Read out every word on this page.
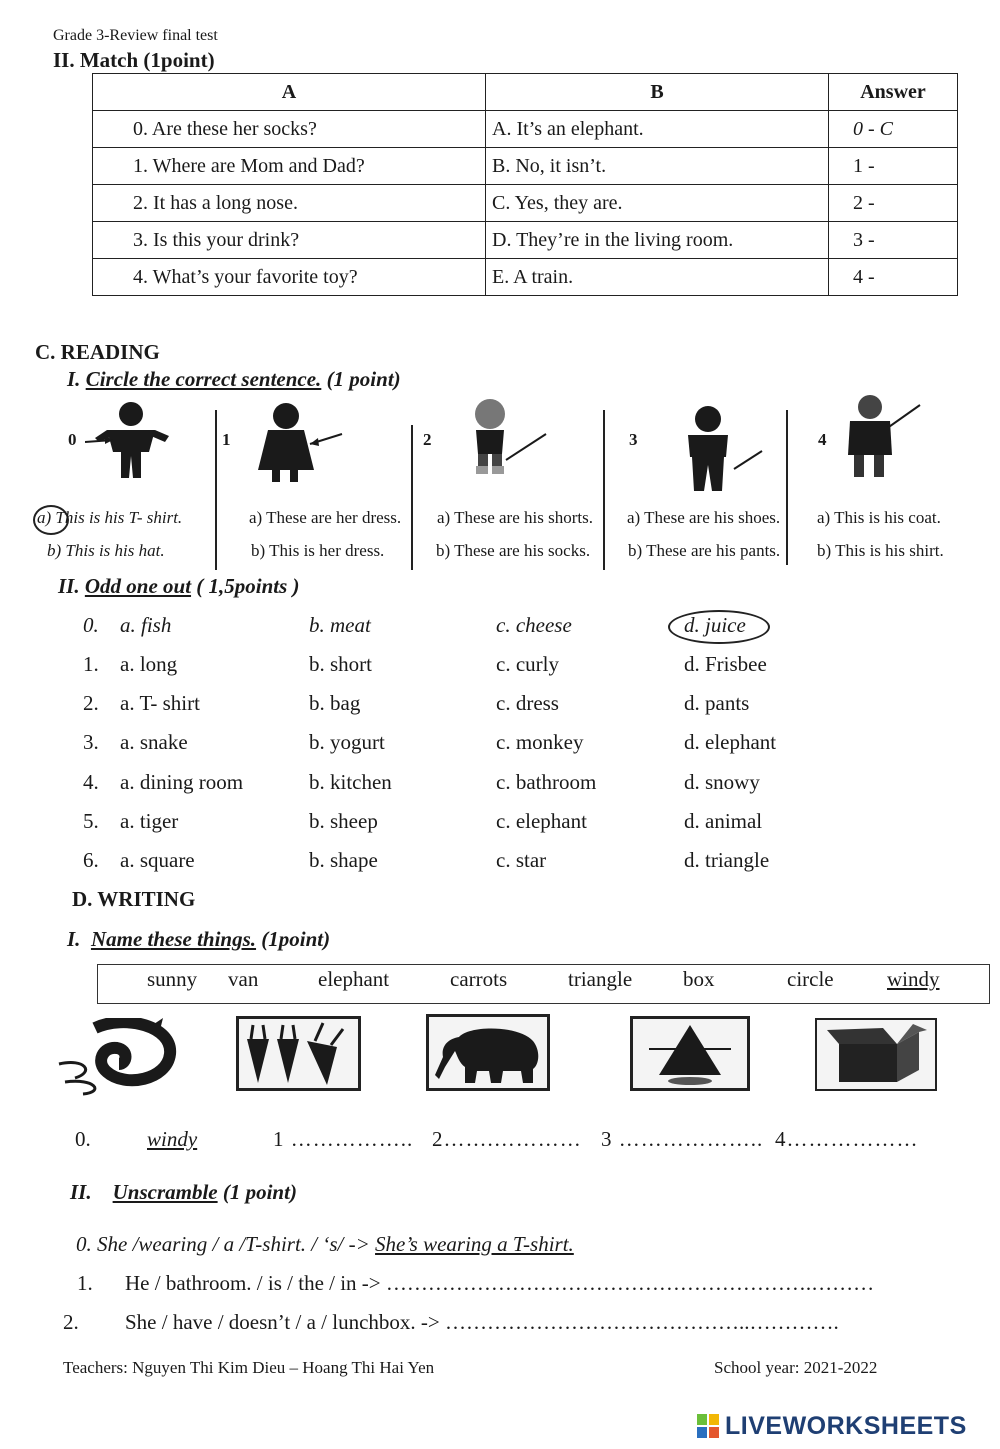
Grade 3-Review final test
II. Match (1point)
A	B	Answer
0. Are these her socks?	A. It’s an elephant.	0 - C
1. Where are Mom and Dad?	B. No, it isn’t.	1 -
2. It has a long nose.	C. Yes, they are.	2 -
3. Is this your drink?	D. They’re in the living room.	3 -
4. What’s your favorite toy?	E. A train.	4 -
C. READING
I. Circle the correct sentence. (1 point)
0	1	2	3	4
a) This is his T- shirt.
b) This is his hat.
a) These are her dress.
b) This is her dress.
a) These are his shorts.
b) These are his socks.
a) These are his shoes.
b) These are his pants.
a) This is his coat.
b) This is his shirt.
II. Odd one out ( 1,5points )
0. a. fish	b. meat	c. cheese	d. juice
1. a. long	b. short	c. curly	d. Frisbee
2. a. T- shirt	b. bag	c. dress	d. pants
3. a. snake	b. yogurt	c. monkey	d. elephant
4. a. dining room	b. kitchen	c. bathroom	d. snowy
5. a. tiger	b. sheep	c. elephant	d. animal
6. a. square	b. shape	c. star	d. triangle
D. WRITING
I. Name these things. (1point)
sunny van	elephant	carrots	triangle box	circle	windy
0.	windy	1 …………….. 2…….………… 3 ……………….. 4………………
II. Unscramble (1 point)
0. She /wearing / a /T-shirt. / ‘s/ -> She’s wearing a T-shirt.
1. He / bathroom. / is / the / in -> …………………………………………………….………
2. She / have / doesn’t / a / lunchbox. -> ……………………………………..………….
Teachers: Nguyen Thi Kim Dieu – Hoang Thi Hai Yen	School year: 2021-2022
LIVEWORKSHEETS
